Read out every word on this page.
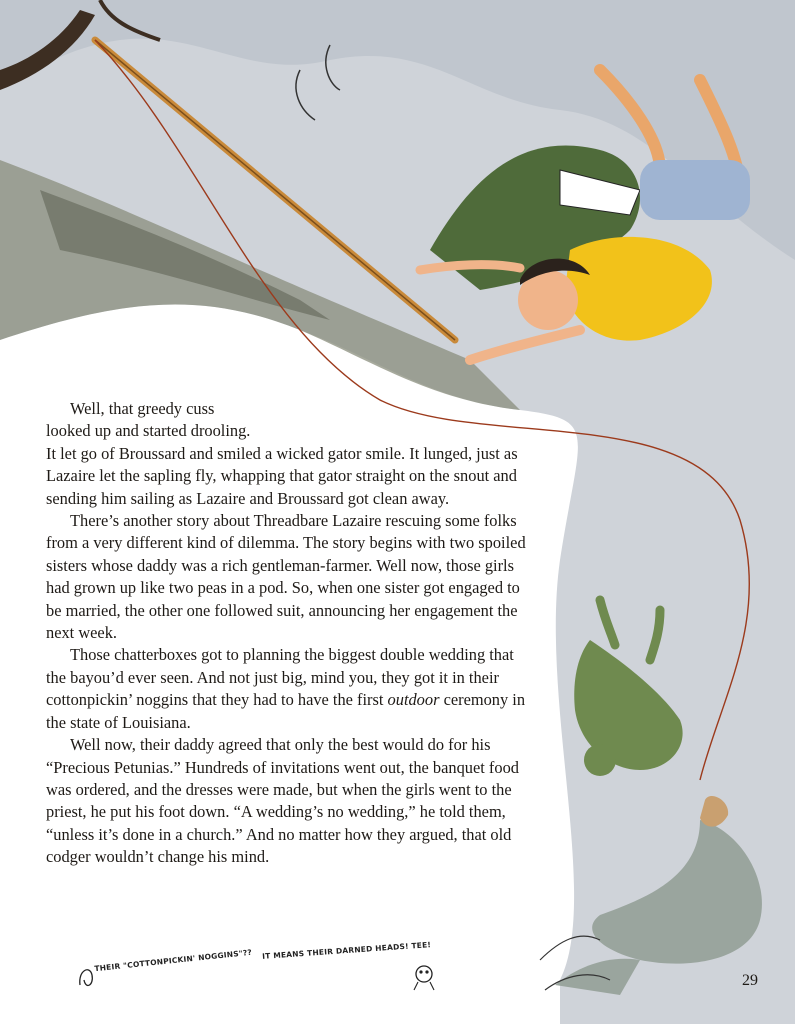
Well, that greedy cuss

looked up and started drooling.

It let go of Broussard and smiled a wicked gator smile. It lunged, just as Lazaire let the sapling fly, whapping that gator straight on the snout and sending him sailing as Lazaire and Broussard got clean away.

There’s another story about Threadbare Lazaire rescuing some folks from a very different kind of dilemma. The story begins with two spoiled sisters whose daddy was a rich gentleman-farmer. Well now, those girls had grown up like two peas in a pod. So, when one sister got engaged to be married, the other one followed suit, announcing her engagement the next week.

Those chatterboxes got to planning the biggest double wedding that the bayou’d ever seen. And not just big, mind you, they got it in their cottonpickin’ noggins that they had to have the first outdoor ceremony in the state of Louisiana.

Well now, their daddy agreed that only the best would do for his “Precious Petunias.” Hundreds of invitations went out, the banquet food was ordered, and the dresses were made, but when the girls went to the priest, he put his foot down. “A wedding’s no wedding,” he told them, “unless it’s done in a church.” And no matter how they argued, that old codger wouldn’t change his mind.

THEIR "COTTONPICKIN' NOGGINS"?? IT MEANS THEIR DARNED HEADS! TEE!
29
